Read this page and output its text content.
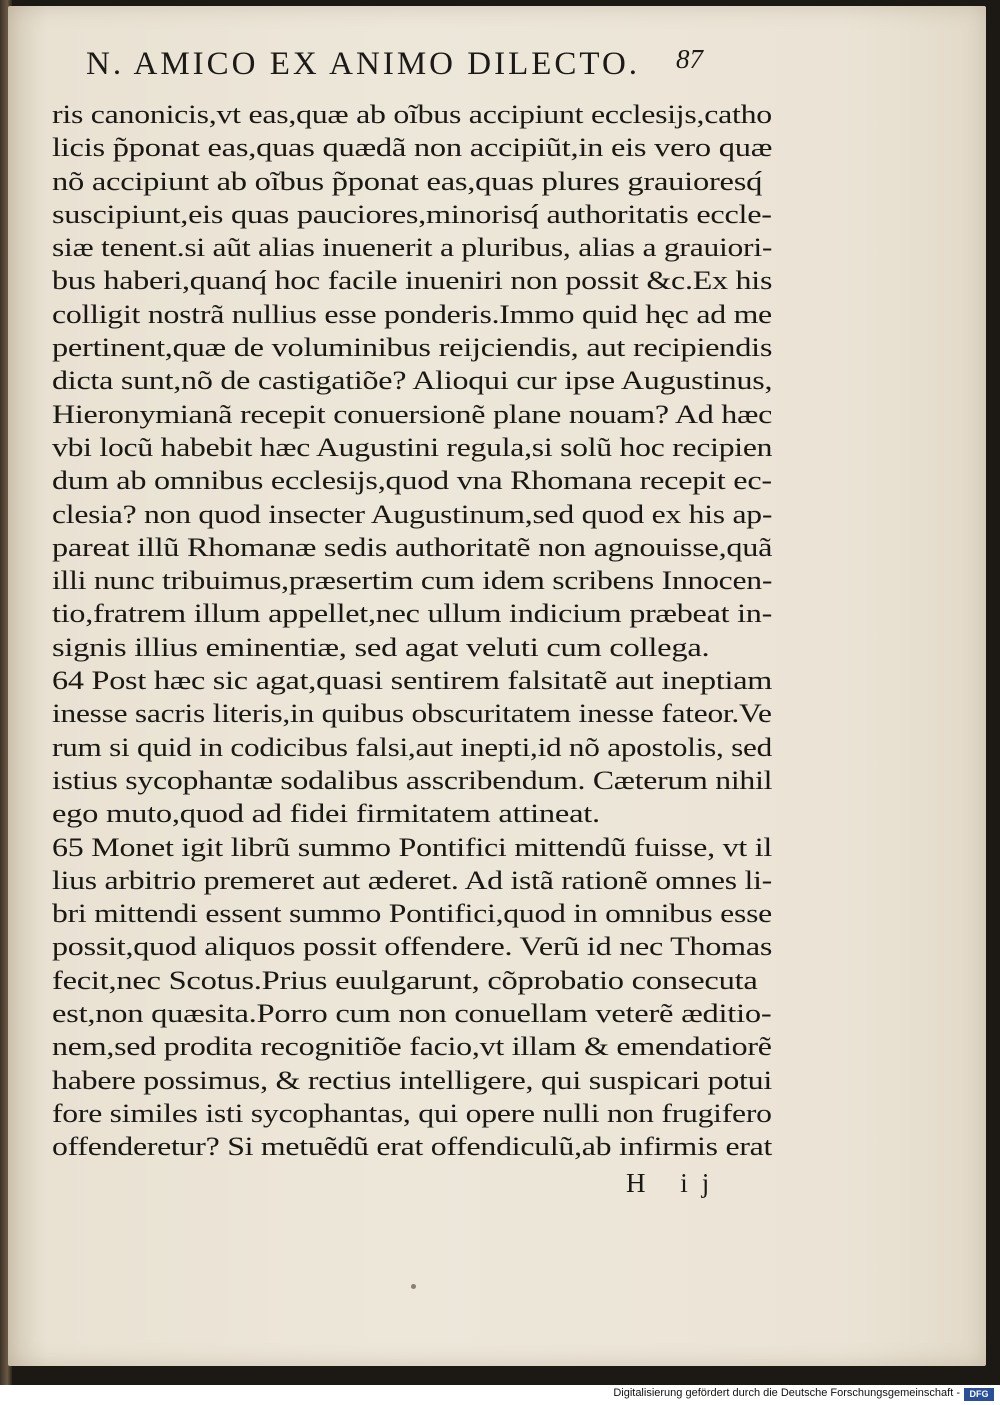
N. AMICO EX ANIMO DILECTO. 87
ris canonicis,vt eas,quæ ab oĩbus accipiunt ecclesijs,catho
licis p̃ponat eas,quas quædã non accipiũt,in eis vero quæ
nõ accipiunt ab oĩbus p̃ponat eas,quas plures grauioresq́
suscipiunt,eis quas pauciores,minorisq́ authoritatis eccle-
siæ tenent.si aũt alias inuenerit a pluribus, alias a grauiori-
bus haberi,quanq́ hoc facile inueniri non possit &c.Ex his
colligit nostrã nullius esse ponderis.Immo quid hęc ad me
pertinent,quæ de voluminibus reijciendis, aut recipiendis
dicta sunt,nõ de castigatiõe? Alioqui cur ipse Augustinus,
Hieronymianã recepit conuersionẽ plane nouam? Ad hæc
vbi locũ habebit hæc Augustini regula,si solũ hoc recipien
dum ab omnibus ecclesijs,quod vna Rhomana recepit ec-
clesia? non quod insecter Augustinum,sed quod ex his ap-
pareat illũ Rhomanæ sedis authoritatẽ non agnouisse,quã
illi nunc tribuimus,præsertim cum idem scribens Innocen-
tio,fratrem illum appellet,nec ullum indicium præbeat in-
signis illius eminentiæ, sed agat veluti cum collega.
64 Post hæc sic agat,quasi sentirem falsitatẽ aut ineptiam
inesse sacris literis,in quibus obscuritatem inesse fateor.Ve
rum si quid in codicibus falsi,aut inepti,id nõ apostolis, sed
istius sycophantæ sodalibus asscribendum. Cæterum nihil
ego muto,quod ad fidei firmitatem attineat.
65 Monet igit librũ summo Pontifici mittendũ fuisse, vt il
lius arbitrio premeret aut æderet. Ad istã rationẽ omnes li-
bri mittendi essent summo Pontifici,quod in omnibus esse
possit,quod aliquos possit offendere. Verũ id nec Thomas
fecit,nec Scotus.Prius euulgarunt, cõprobatio consecuta
est,non quæsita.Porro cum non conuellam veterẽ æditio-
nem,sed prodita recognitiõe facio,vt illam & emendatiorẽ
habere possimus, & rectius intelligere, qui suspicari potui
fore similes isti sycophantas, qui opere nulli non frugifero
offenderetur? Si metuẽdũ erat offendiculũ,ab infirmis erat
H ij
Digitalisierung gefördert durch die Deutsche Forschungsgemeinschaft -	DFG
